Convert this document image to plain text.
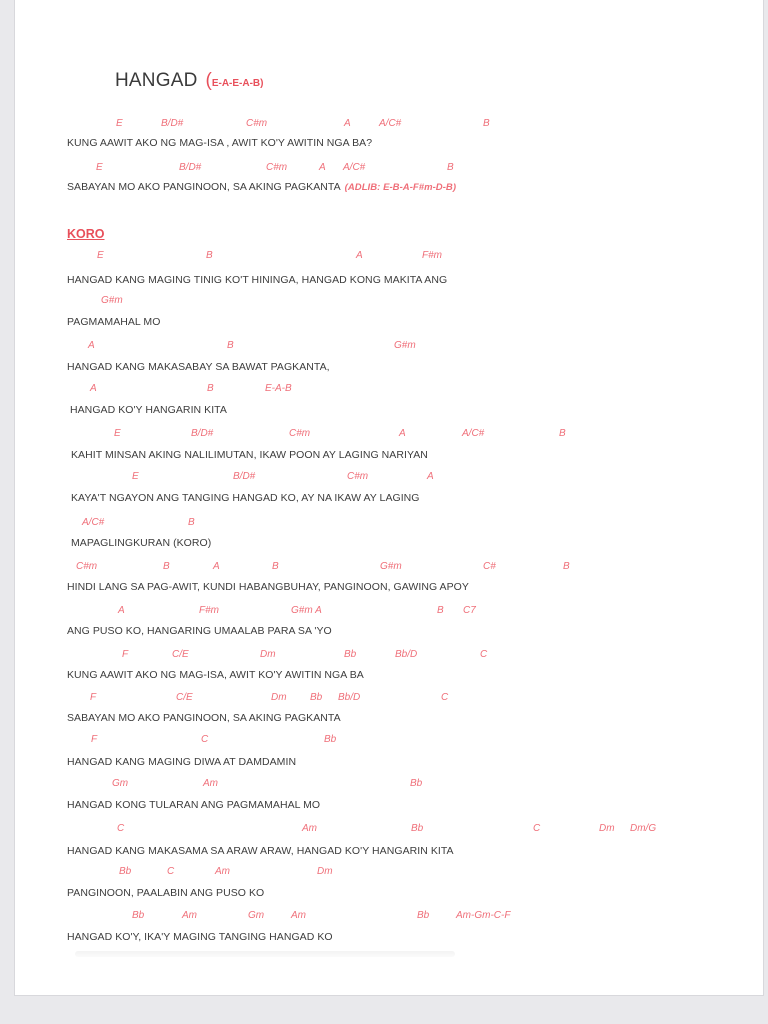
HANGAD ( E-A-E-A-B)
E	B/D#	C#m	A	A/C#	B
KUNG AAWIT AKO NG MAG-ISA , AWIT KO'Y AWITIN NGA BA?
E	B/D#	C#m	A A/C#	B
SABAYAN MO AKO PANGINOON, SA AKING PAGKANTA (ADLIB: E-B-A-F#m-D-B)
KORO
E	B	A	F#m
HANGAD KANG MAGING TINIG KO'T HININGA, HANGAD KONG MAKITA ANG
G#m
PAGMAMAHAL MO
A	B	G#m
HANGAD KANG MAKASABAY SA BAWAT PAGKANTA,
A	B	E-A-B
HANGAD KO'Y HANGARIN KITA
E	B/D#	C#m	A	A/C#	B
KAHIT MINSAN AKING NALILIMUTAN, IKAW POON AY LAGING NARIYAN
E	B/D#	C#m	A
KAYA'T NGAYON ANG TANGING HANGAD KO, AY NA IKAW AY LAGING
A/C#	B
MAPAGLINGKURAN (KORO)
C#m	B	A	B	G#m	C#	B
HINDI LANG SA PAG-AWIT, KUNDI HABANGBUHAY, PANGINOON, GAWING APOY
A	F#m	G#m A	B C7
ANG PUSO KO, HANGARING UMAALAB PARA SA 'YO
F	C/E	Dm	Bb	Bb/D	C
KUNG AAWIT AKO NG MAG-ISA, AWIT KO'Y AWITIN NGA BA
F	C/E	Dm Bb Bb/D	C
SABAYAN MO AKO PANGINOON, SA AKING PAGKANTA
F	C	Bb
HANGAD KANG MAGING DIWA AT DAMDAMIN
Gm	Am	Bb
HANGAD KONG TULARAN ANG PAGMAMAHAL MO
C	Am	Bb	C	Dm Dm/G
HANGAD KANG MAKASAMA SA ARAW ARAW, HANGAD KO'Y HANGARIN KITA
Bb	C	Am	Dm
PANGINOON, PAALABIN ANG PUSO KO
Bb	Am	Gm	Am	Bb	Am-Gm-C-F
HANGAD KO'Y, IKA'Y MAGING TANGING HANGAD KO
